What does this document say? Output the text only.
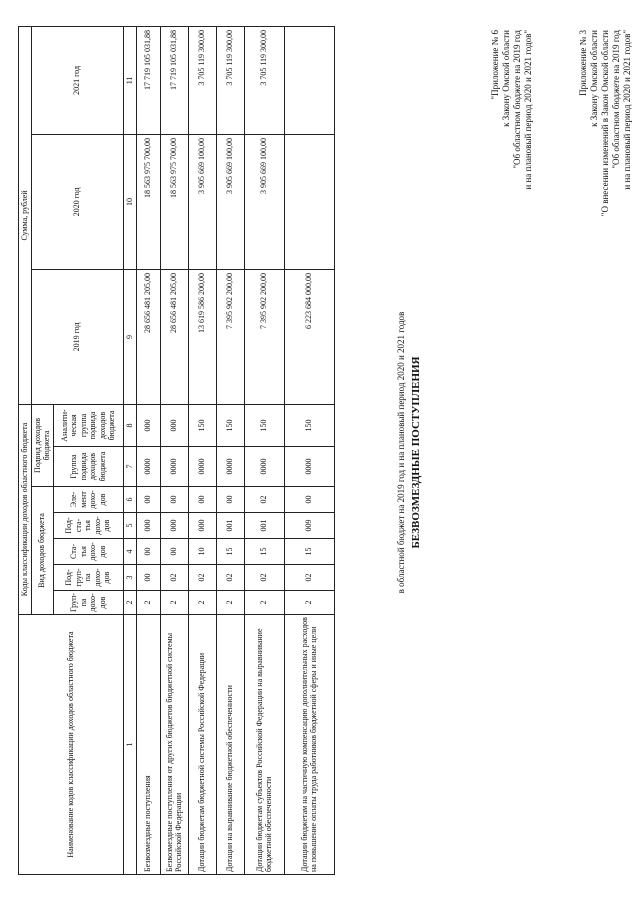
Приложение № 3 к Закону Омской области "О внесении изменений в Закон Омской области "Об областном бюджете на 2019 год и на плановый период 2020 и 2021 годов"
"Приложение № 6 к Закону Омской области "Об областном бюджете на 2019 год и на плановый период 2020 и 2021 годов"
БЕЗВОЗМЕЗДНЫЕ ПОСТУПЛЕНИЯ
в областной бюджет на 2019 год и на плановый период 2020 и 2021 годов
Наименование кодов классификации доходов областного бюджета	Коды классификации доходов областного бюджета							Сумма, рублей		
	Вид доходов бюджета					Подвид доходов бюджета		2019 год	2020 год	2021 год
	Груп-па дохо-дов	Под-груп-па дохо-дов	Ста-тья дохо-дов	Под-ста-тья дохо-дов	Эле-мент дохо-дов	Группа подвида доходов бюджета	Аналити-ческая группа подвида доходов бюджета			
1	2	3	4	5	6	7	8	9	10	11
Безвозмездные поступления	2	00	00	000	00	0000	000	28 656 481 205,00	18 563 975 700,00	17 719 105 031,88
Безвозмездные поступления от других бюджетов бюджетной системы Российской Федерации	2	02	00	000	00	0000	000	28 656 481 205,00	18 563 975 700,00	17 719 105 031,88
Дотации бюджетам бюджетной системы Российской Федерации	2	02	10	000	00	0000	150	13 619 586 200,00	3 905 669 100,00	3 705 119 300,00
Дотации на выравнивание бюджетной обеспеченности	2	02	15	001	00	0000	150	7 395 902 200,00	3 905 669 100,00	3 705 119 300,00
Дотации бюджетам субъектов Российской Федерации на выравнивание бюджетной обеспеченности	2	02	15	001	02	0000	150	7 395 902 200,00	3 905 669 100,00	3 705 119 300,00
Дотации бюджетам на частичную компенсацию дополнительных расходов на повышение оплаты труда работников бюджетной сферы и иные цели	2	02	15	009	00	0000	150	6 223 684 000,00		
